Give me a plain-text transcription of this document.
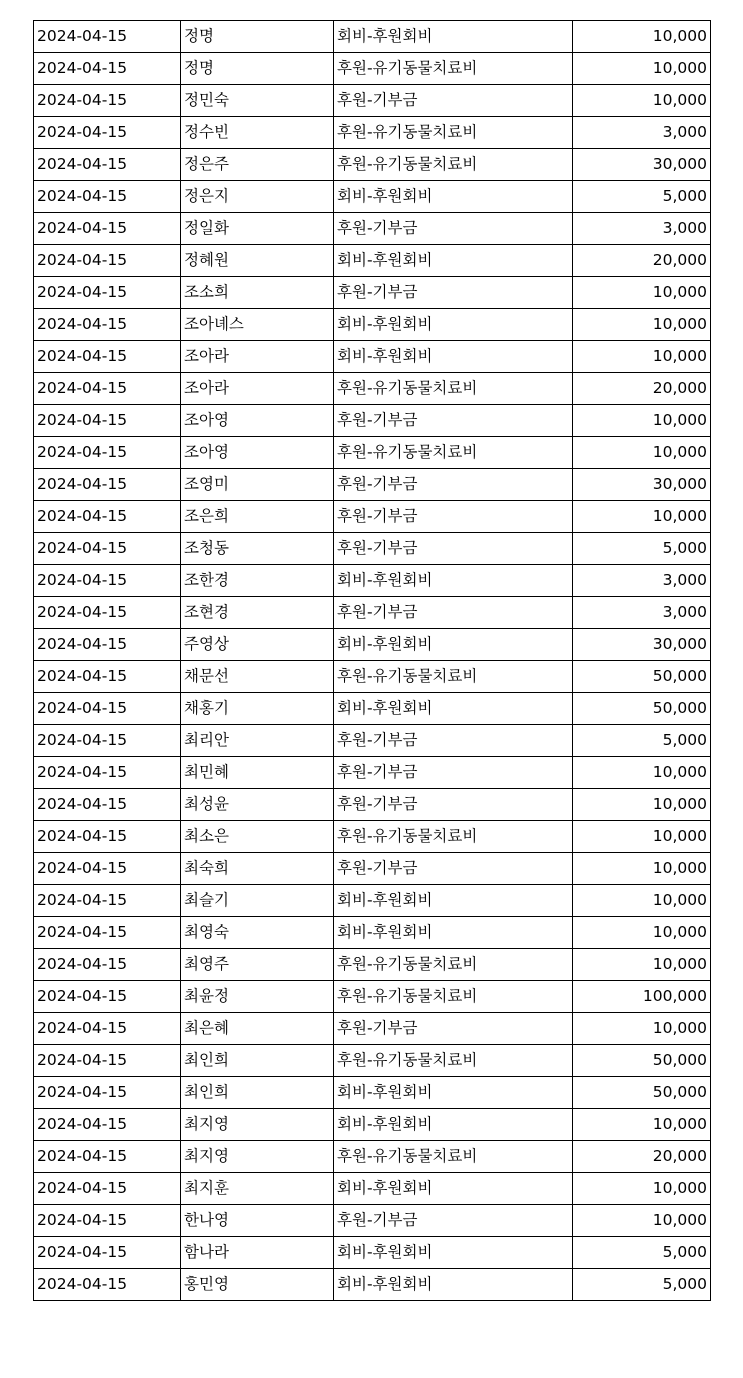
2024-04-15	정명	회비-후원회비	10,000
2024-04-15	정명	후원-유기동물치료비	10,000
2024-04-15	정민숙	후원-기부금	10,000
2024-04-15	정수빈	후원-유기동물치료비	3,000
2024-04-15	정은주	후원-유기동물치료비	30,000
2024-04-15	정은지	회비-후원회비	5,000
2024-04-15	정일화	후원-기부금	3,000
2024-04-15	정혜원	회비-후원회비	20,000
2024-04-15	조소희	후원-기부금	10,000
2024-04-15	조아녜스	회비-후원회비	10,000
2024-04-15	조아라	회비-후원회비	10,000
2024-04-15	조아라	후원-유기동물치료비	20,000
2024-04-15	조아영	후원-기부금	10,000
2024-04-15	조아영	후원-유기동물치료비	10,000
2024-04-15	조영미	후원-기부금	30,000
2024-04-15	조은희	후원-기부금	10,000
2024-04-15	조청동	후원-기부금	5,000
2024-04-15	조한경	회비-후원회비	3,000
2024-04-15	조현경	후원-기부금	3,000
2024-04-15	주영상	회비-후원회비	30,000
2024-04-15	채문선	후원-유기동물치료비	50,000
2024-04-15	채홍기	회비-후원회비	50,000
2024-04-15	최리안	후원-기부금	5,000
2024-04-15	최민혜	후원-기부금	10,000
2024-04-15	최성윤	후원-기부금	10,000
2024-04-15	최소은	후원-유기동물치료비	10,000
2024-04-15	최숙희	후원-기부금	10,000
2024-04-15	최슬기	회비-후원회비	10,000
2024-04-15	최영숙	회비-후원회비	10,000
2024-04-15	최영주	후원-유기동물치료비	10,000
2024-04-15	최윤정	후원-유기동물치료비	100,000
2024-04-15	최은혜	후원-기부금	10,000
2024-04-15	최인희	후원-유기동물치료비	50,000
2024-04-15	최인희	회비-후원회비	50,000
2024-04-15	최지영	회비-후원회비	10,000
2024-04-15	최지영	후원-유기동물치료비	20,000
2024-04-15	최지훈	회비-후원회비	10,000
2024-04-15	한나영	후원-기부금	10,000
2024-04-15	함나라	회비-후원회비	5,000
2024-04-15	홍민영	회비-후원회비	5,000
